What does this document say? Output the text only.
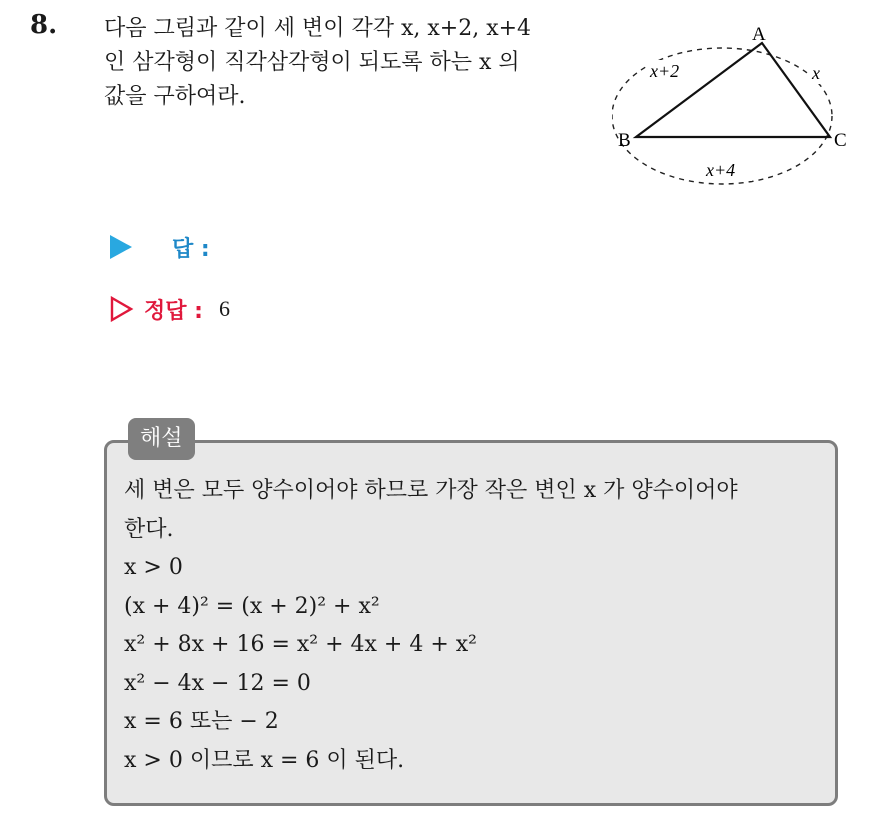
8. 다음 그림과 같이 세 변이 각각 x, x+2, x+4
인 삼각형이 직각삼각형이 되도록 하는 x 의
값을 구하여라.
A
B	C
x+2	x
x+4
답 :
정답 : 6
해설
세 변은 모두 양수이어야 하므로 가장 작은 변인 x 가 양수이어야
한다.
x > 0
(x + 4)² = (x + 2)² + x²
x² + 8x + 16 = x² + 4x + 4 + x²
x² − 4x − 12 = 0
x = 6 또는 − 2
x > 0 이므로 x = 6 이 된다.
